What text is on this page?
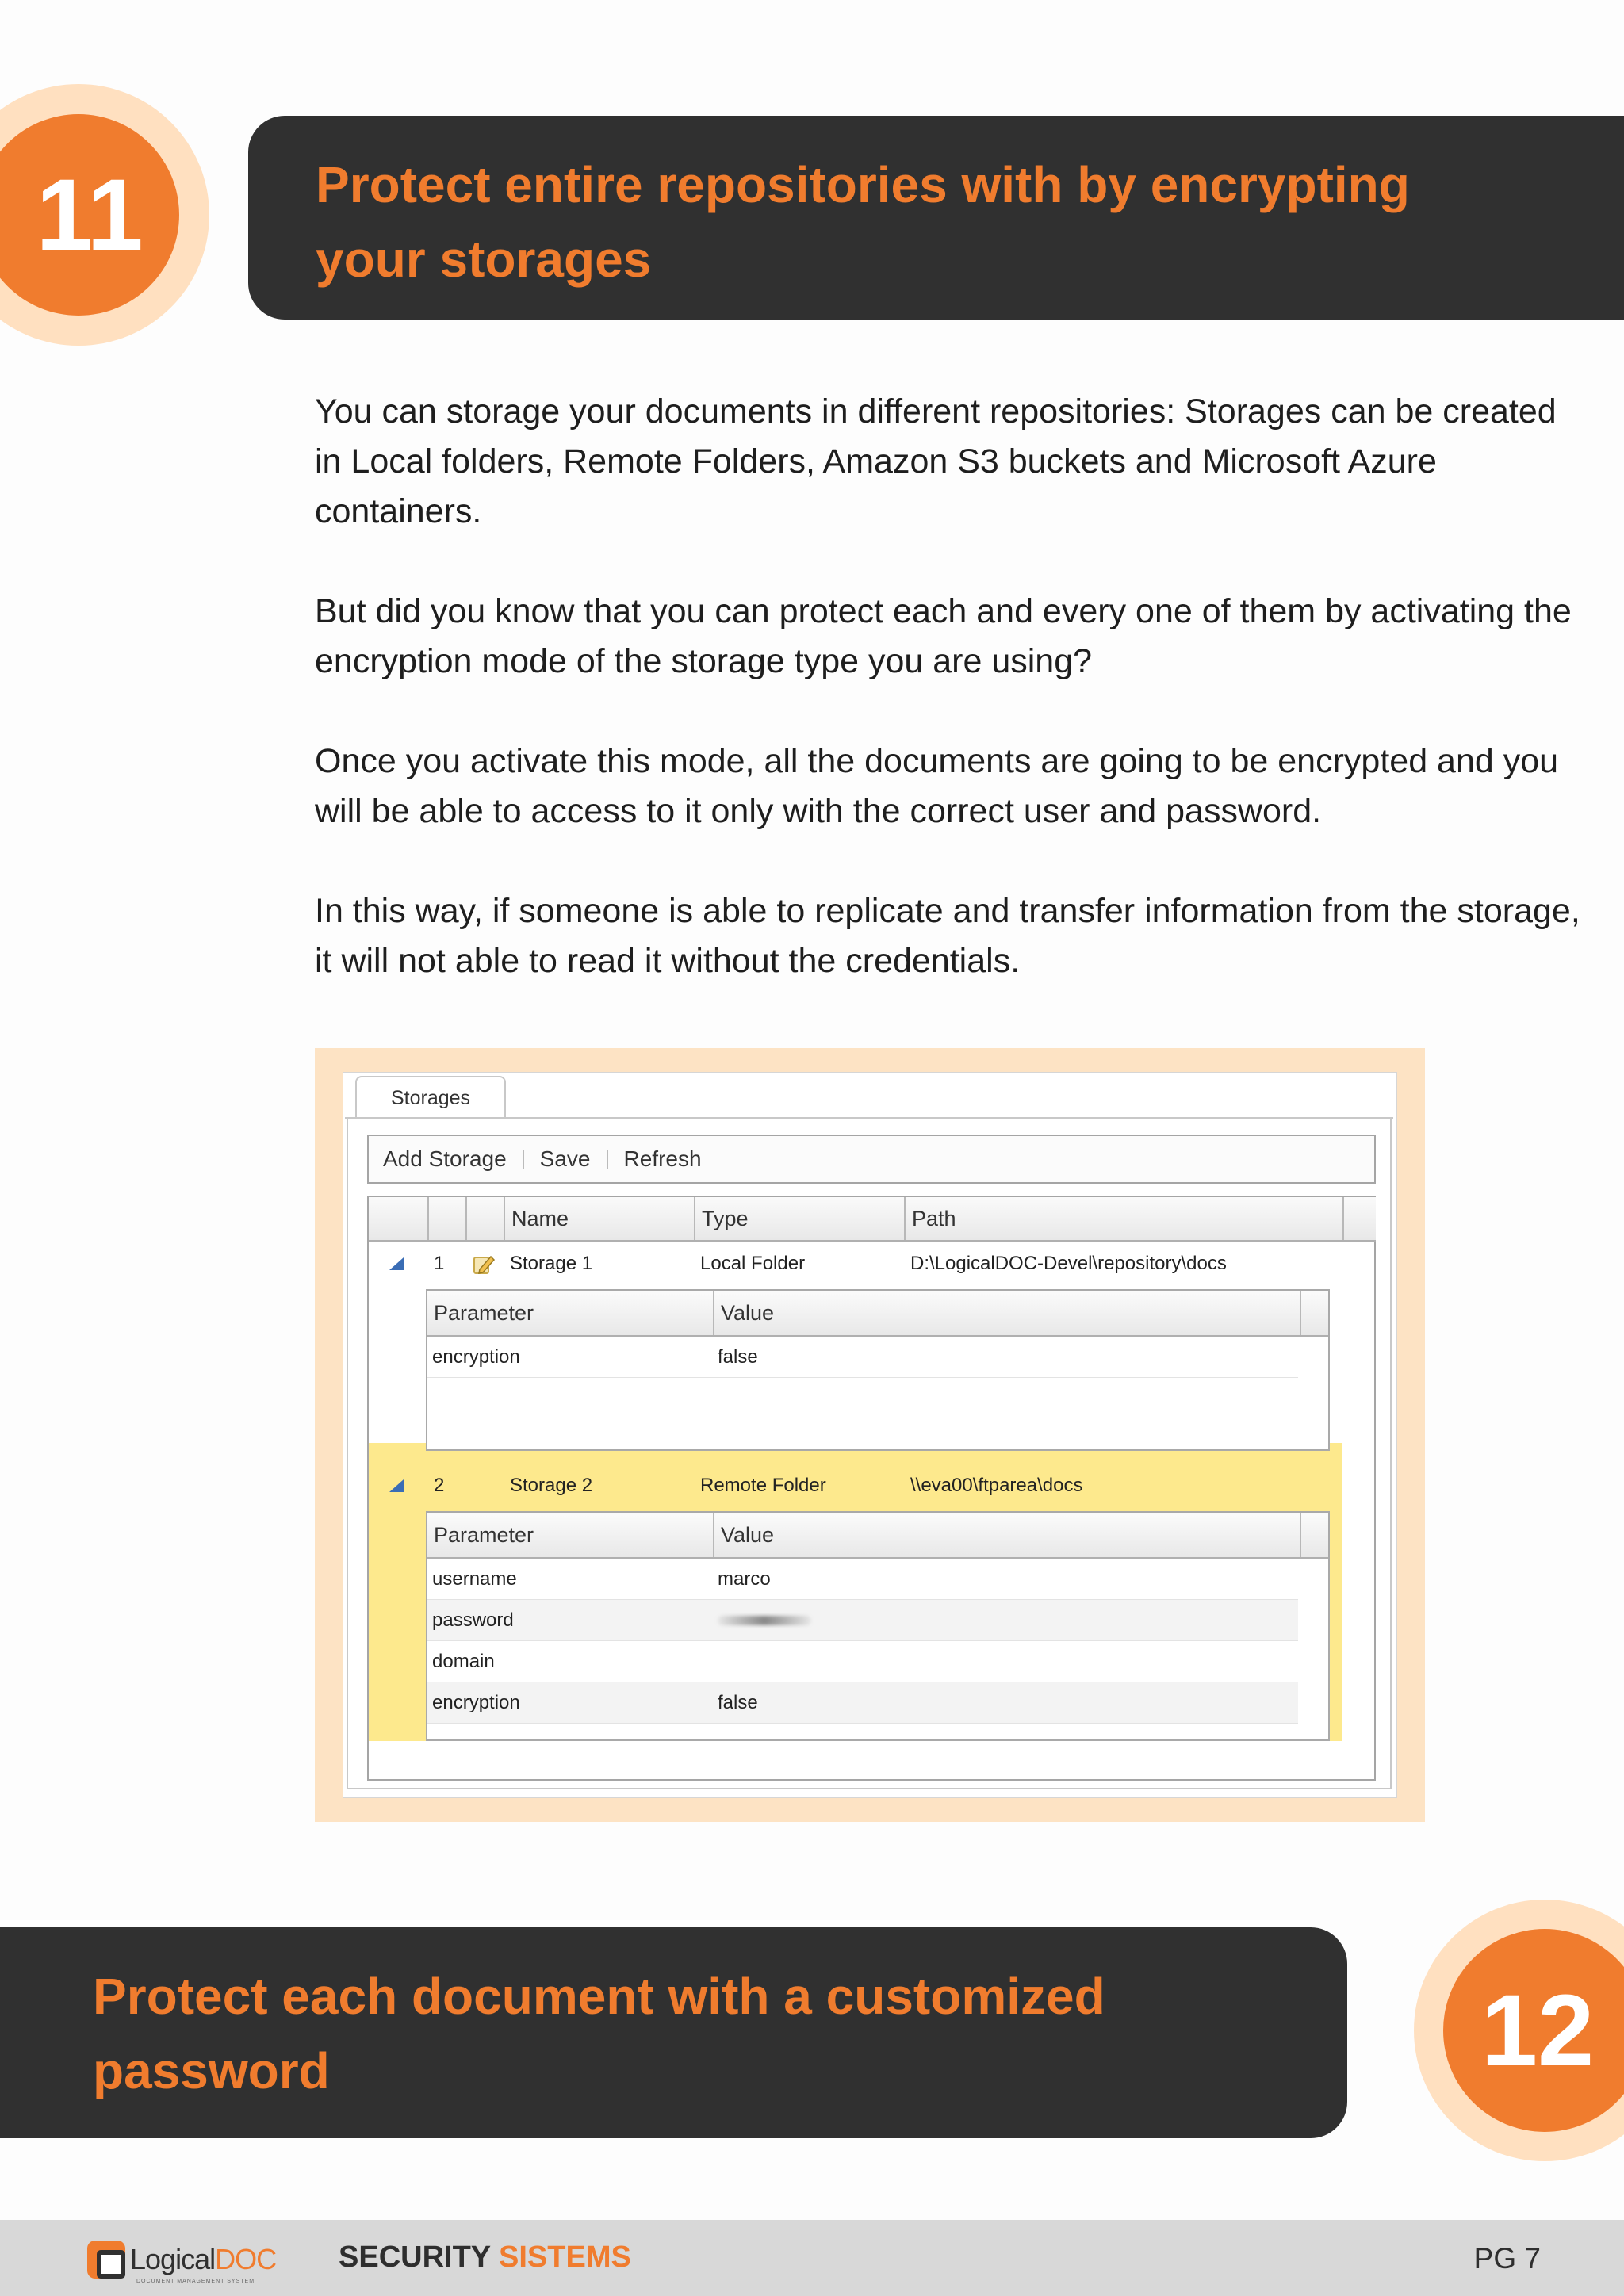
11	Protect entire repositories with by encrypting
your storages

You can storage your documents in different repositories: Storages can be created in Local folders, Remote Folders, Amazon S3 buckets and Microsoft Azure containers.

But did you know that you can protect each and every one of them by activating the encryption mode of the storage type you are using?

Once you activate this mode, all the documents are going to be encrypted and you will be able to access to it only with the correct user and password.

In this way, if someone is able to replicate and transfer information from the storage, it will not able to read it without the credentials.

Storages
Add Storage Save Refresh
Name	Type	Path
1	Storage 1	Local Folder	D:\LogicalDOC-Devel\repository\docs
Parameter	Value
encryption	false
2	Storage 2	Remote Folder	\\eva00\ftparea\docs
Parameter	Value
username	marco
password
domain
encryption	false
Protect each document with a customized
password	12
LogicalDOC
DOCUMENT MANAGEMENT SYSTEM
SECURITY SISTEMS	PG 7
